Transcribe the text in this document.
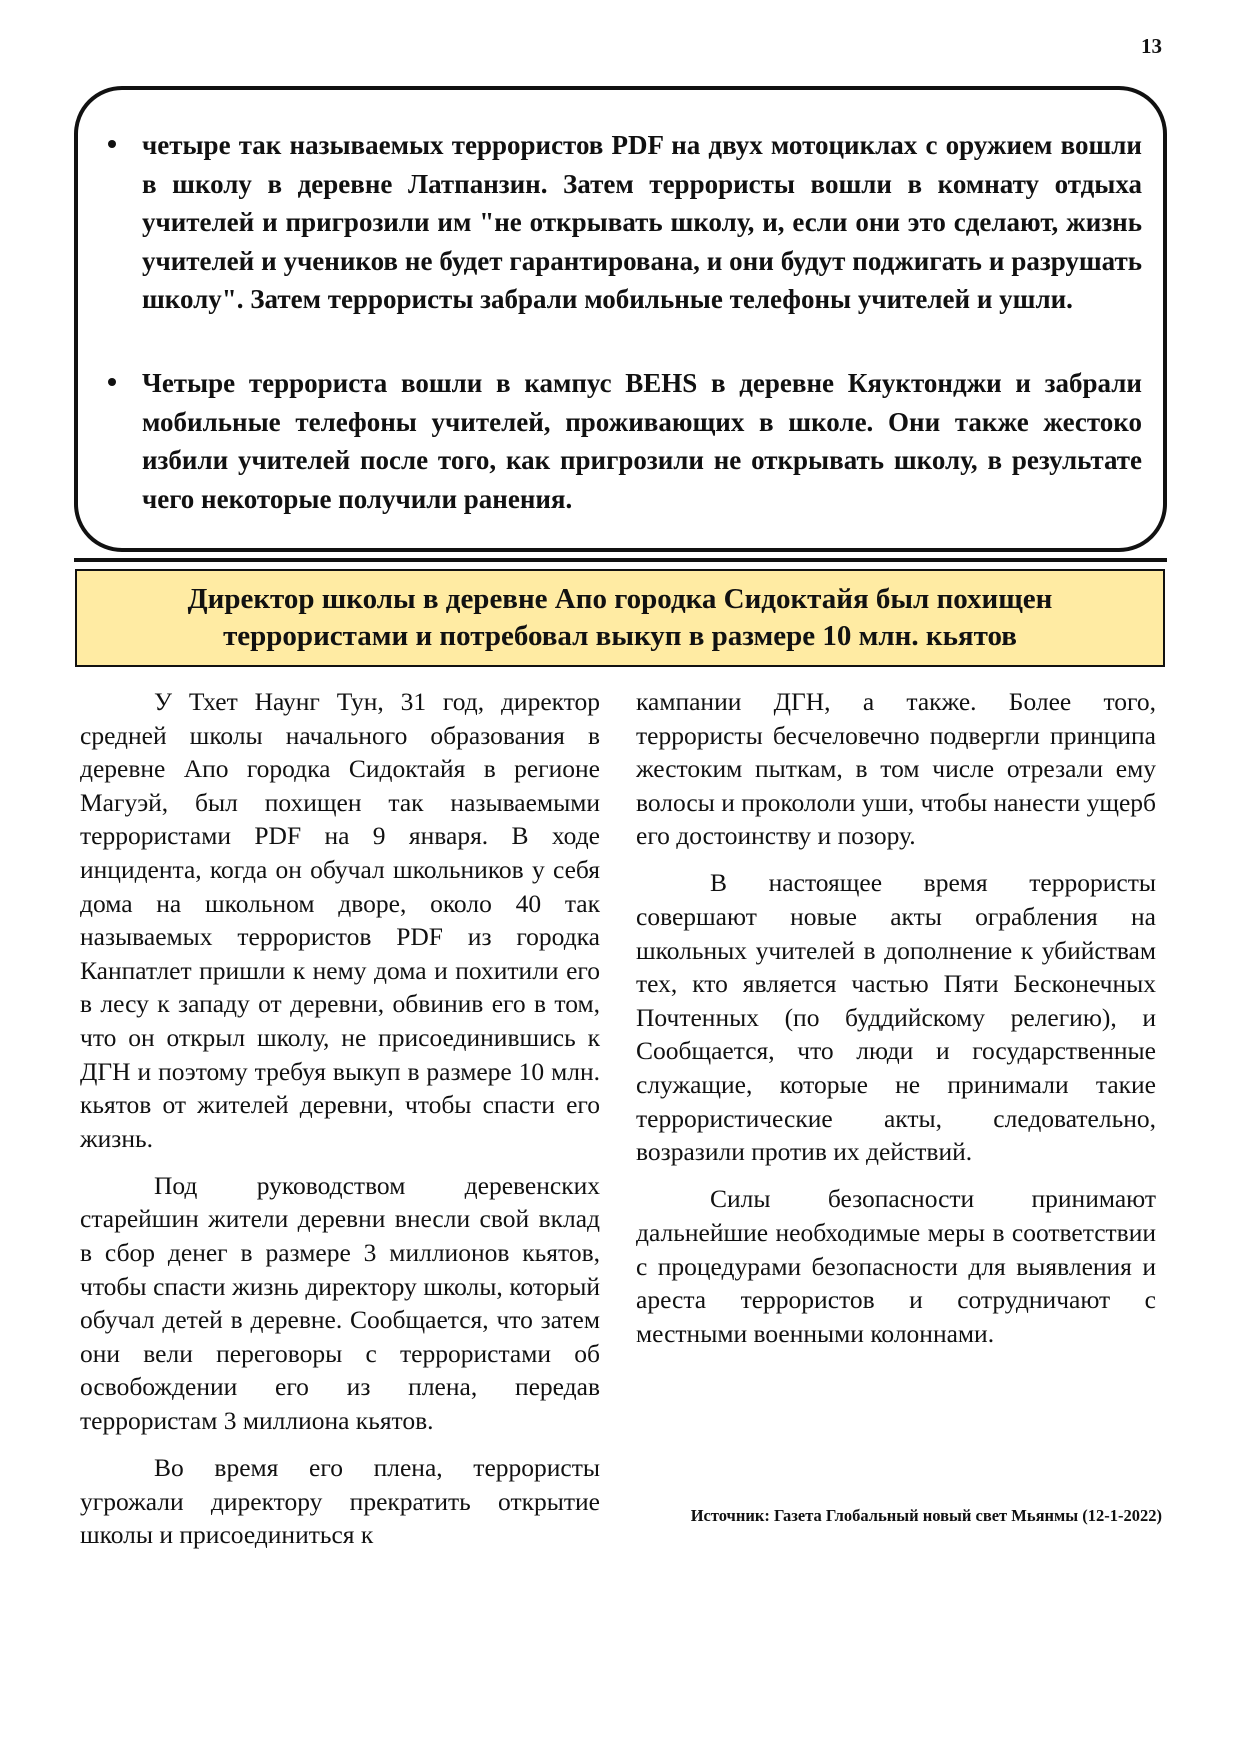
13
четыре так называемых террористов PDF на двух мотоциклах с оружием вошли в школу в деревне Латпанзин. Затем террористы вошли в комнату отдыха учителей и пригрозили им "не открывать школу, и, если они это сделают, жизнь учителей и учеников не будет гарантирована, и они будут поджигать и разрушать школу". Затем террористы забрали мобильные телефоны учителей и ушли.
Четыре террориста вошли в кампус BEHS в деревне Кяуктонджи и забрали мобильные телефоны учителей, проживающих в школе. Они также жестоко избили учителей после того, как пригрозили не открывать школу, в результате чего некоторые получили ранения.
Директор школы в деревне Апо городка Сидоктайя был похищен террористами и потребовал выкуп в размере 10 млн. кьятов

У Тхет Наунг Тун, 31 год, директор средней школы начального образования в деревне Апо городка Сидоктайя в регионе Магуэй, был похищен так называемыми террористами PDF на 9 января. В ходе инцидента, когда он обучал школьников у себя дома на школьном дворе, около 40 так называемых террористов PDF из городка Канпатлет пришли к нему дома и похитили его в лесу к западу от деревни, обвинив его в том, что он открыл школу, не присоединившись к ДГН и поэтому требуя выкуп в размере 10 млн. кьятов от жителей деревни, чтобы спасти его жизнь.

Под руководством деревенских старейшин жители деревни внесли свой вклад в сбор денег в размере 3 миллионов кьятов, чтобы спасти жизнь директору школы, который обучал детей в деревне. Сообщается, что затем они вели переговоры с террористами об освобождении его из плена, передав террористам 3 миллиона кьятов.

Во время его плена, террористы угрожали директору прекратить открытие школы и присоединиться к

кампании ДГН, а также. Более того, террористы бесчеловечно подвергли принципа жестоким пыткам, в том числе отрезали ему волосы и прокололи уши, чтобы нанести ущерб его достоинству и позору.

В настоящее время террористы совершают новые акты ограбления на школьных учителей в дополнение к убийствам тех, кто является частью Пяти Бесконечных Почтенных (по буддийскому релегию), и Сообщается, что люди и государственные служащие, которые не принимали такие террористические акты, следовательно, возразили против их действий.

Силы безопасности принимают дальнейшие необходимые меры в соответствии с процедурами безопасности для выявления и ареста террористов и сотрудничают с местными военными колоннами.

Источник: Газета Глобальный новый свет Мьянмы (12-1-2022)
